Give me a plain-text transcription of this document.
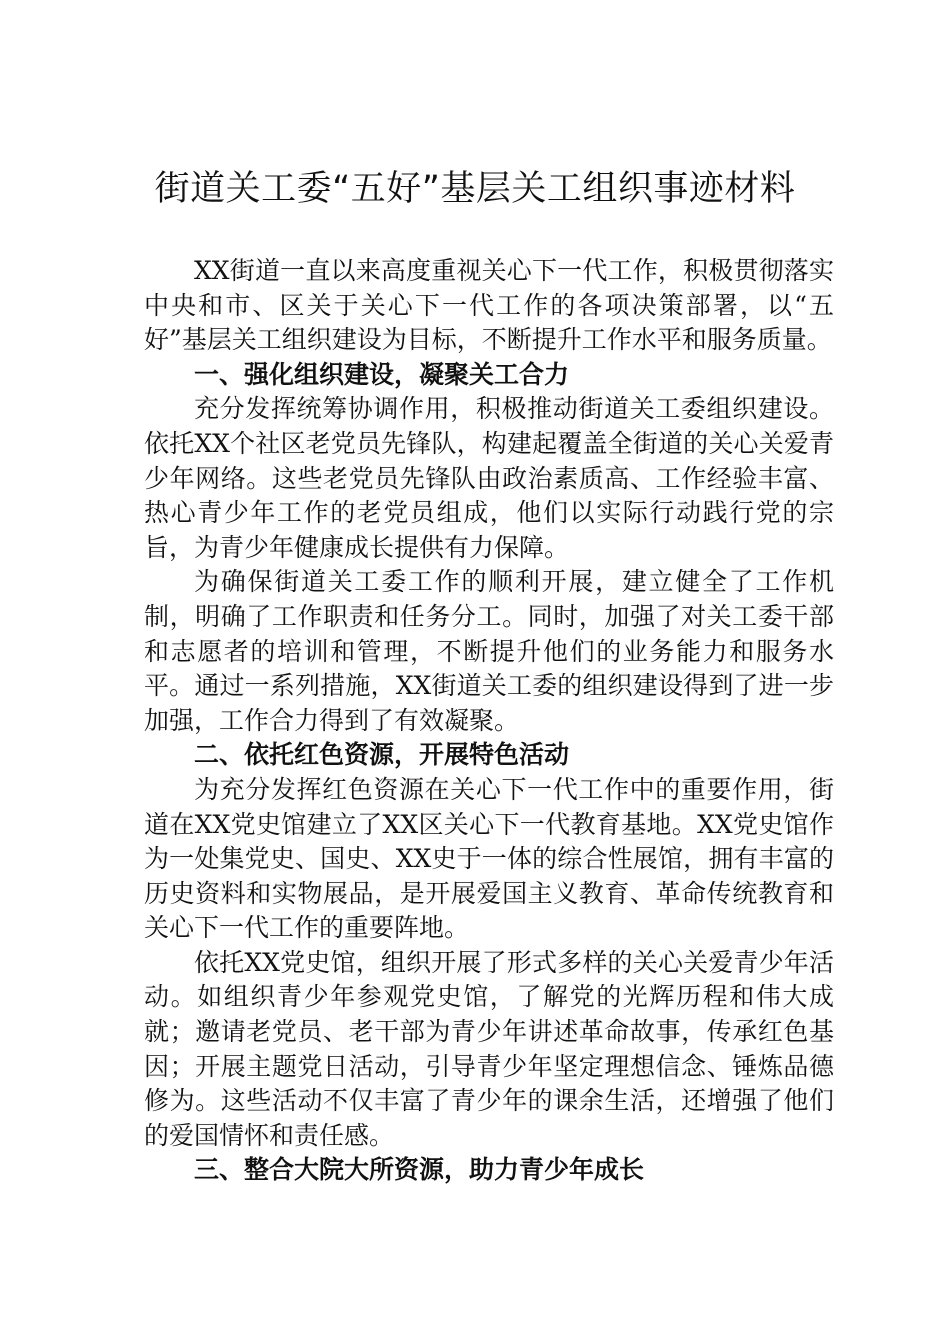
街道关工委“五好”基层关工组织事迹材料

XX街道一直以来高度重视关心下一代工作，积极贯彻落实中央和市、区关于关心下一代工作的各项决策部署，以“五好”基层关工组织建设为目标，不断提升工作水平和服务质量。

一、强化组织建设，凝聚关工合力

充分发挥统筹协调作用，积极推动街道关工委组织建设。依托XX个社区老党员先锋队，构建起覆盖全街道的关心关爱青少年网络。这些老党员先锋队由政治素质高、工作经验丰富、热心青少年工作的老党员组成，他们以实际行动践行党的宗旨，为青少年健康成长提供有力保障。

为确保街道关工委工作的顺利开展，建立健全了工作机制，明确了工作职责和任务分工。同时，加强了对关工委干部和志愿者的培训和管理，不断提升他们的业务能力和服务水平。通过一系列措施，XX街道关工委的组织建设得到了进一步加强，工作合力得到了有效凝聚。

二、依托红色资源，开展特色活动

为充分发挥红色资源在关心下一代工作中的重要作用，街道在XX党史馆建立了XX区关心下一代教育基地。XX党史馆作为一处集党史、国史、XX史于一体的综合性展馆，拥有丰富的历史资料和实物展品，是开展爱国主义教育、革命传统教育和关心下一代工作的重要阵地。

依托XX党史馆，组织开展了形式多样的关心关爱青少年活动。如组织青少年参观党史馆，了解党的光辉历程和伟大成就；邀请老党员、老干部为青少年讲述革命故事，传承红色基因；开展主题党日活动，引导青少年坚定理想信念、锤炼品德修为。这些活动不仅丰富了青少年的课余生活，还增强了他们的爱国情怀和责任感。

三、整合大院大所资源，助力青少年成长
